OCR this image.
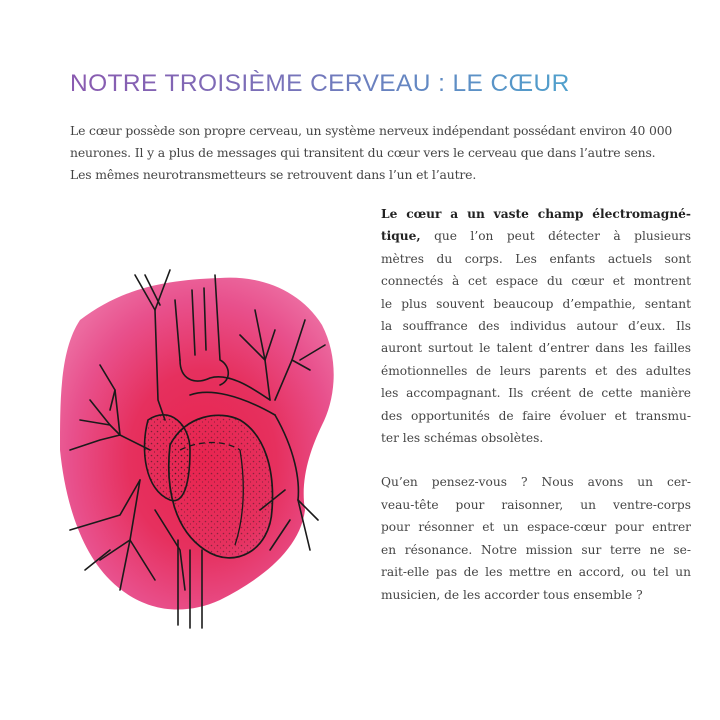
NOTRE TROISIÈME CERVEAU : LE CŒUR

Le cœur possède son propre cerveau, un système nerveux indépendant possédant environ 40 000
neurones. Il y a plus de messages qui transitent du cœur vers le cerveau que dans l’autre sens.
Les mêmes neurotransmetteurs se retrouvent dans l’un et l’autre.

Le cœur a un vaste champ électromagné-
tique, que l’on peut détecter à plusieurs
mètres du corps. Les enfants actuels sont
connectés à cet espace du cœur et montrent
le plus souvent beaucoup d’empathie, sentant
la souffrance des individus autour d’eux. Ils
auront surtout le talent d’entrer dans les failles
émotionnelles de leurs parents et des adultes
les accompagnant. Ils créent de cette manière
des opportunités de faire évoluer et transmu-
ter les schémas obsolètes.

Qu’en pensez-vous ? Nous avons un cer-
veau-tête pour raisonner, un ventre-corps
pour résonner et un espace-cœur pour entrer
en résonance. Notre mission sur terre ne se-
rait-elle pas de les mettre en accord, ou tel un
musicien, de les accorder tous ensemble ?
